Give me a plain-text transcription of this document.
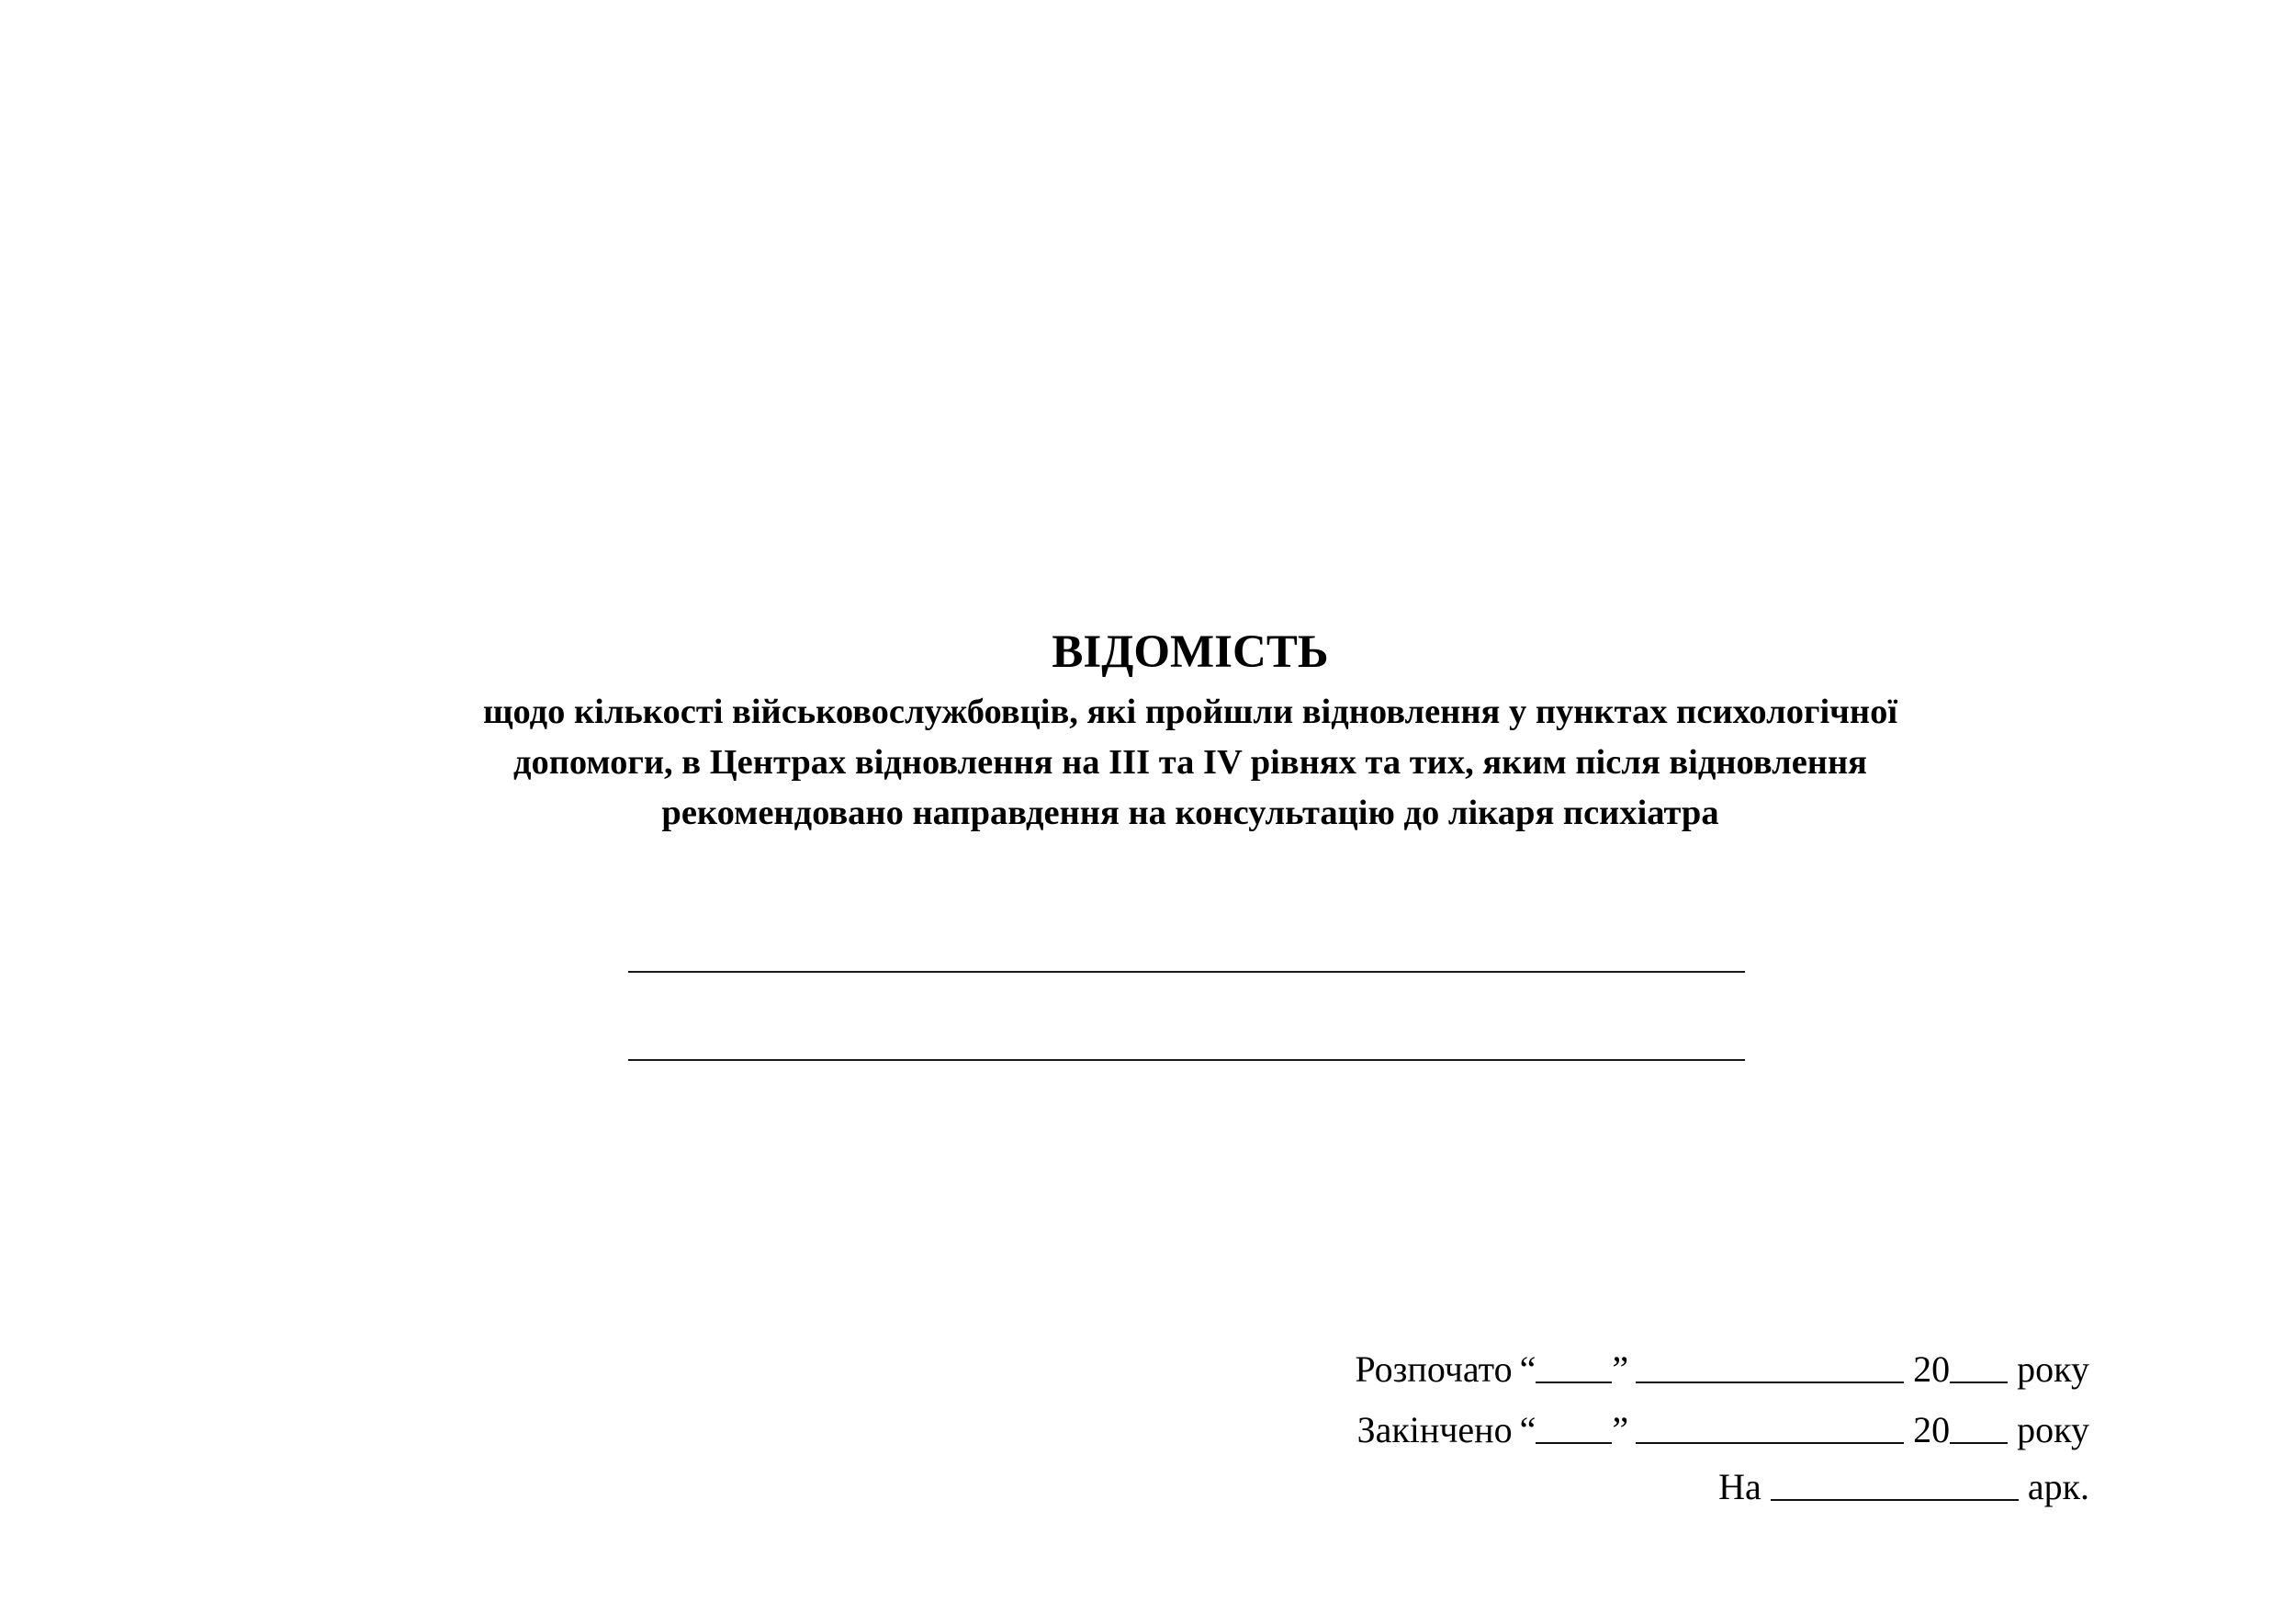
ВІДОМІСТЬ
щодо кількості військовослужбовців, які пройшли відновлення у пунктах психологічної
допомоги, в Центрах відновлення на ІІІ та IV рівнях та тих, яким після відновлення
рекомендовано направдення на консультацію до лікаря психіатра
Розпочато “ ”	20 року
Закінчено “ ”	20 року
На	арк.
